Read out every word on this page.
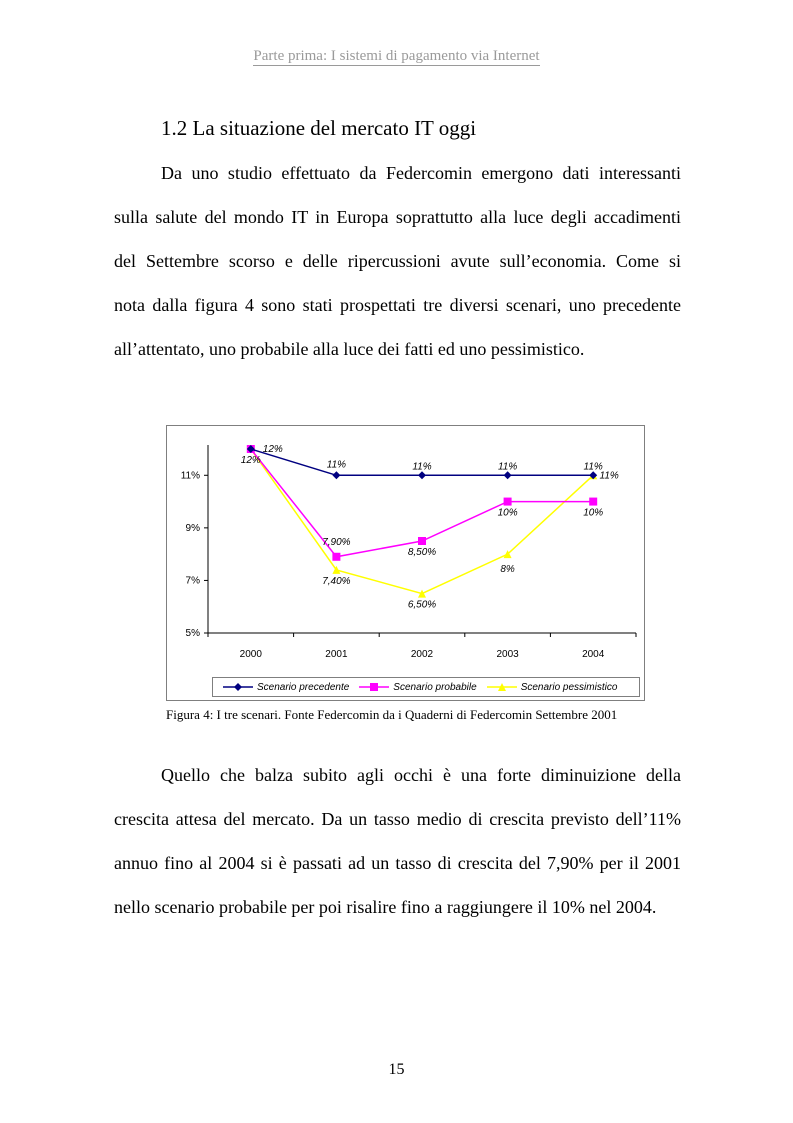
Parte prima: I sistemi di pagamento via Internet
1.2 La situazione del mercato IT oggi
Da uno studio effettuato da Federcomin emergono dati interessanti
sulla salute del mondo IT in Europa soprattutto alla luce degli accadimenti
del Settembre scorso e delle ripercussioni avute sull’economia. Come si
nota dalla figura 4 sono stati prospettati tre diversi scenari, uno precedente
all’attentato, uno probabile alla luce dei fatti ed uno pessimistico.
5%
7%
9%
11%
2000	2001	2002	2003	2004
12%
11%	11%	11%	11%
7,90%
8,50%
10%	10%
12%
7,40%
6,50%
8%
11%
Scenario precedente	Scenario probabile	Scenario pessimistico
Figura 4: I tre scenari. Fonte Federcomin da i Quaderni di Federcomin Settembre 2001
Quello che balza subito agli occhi è una forte diminuizione della
crescita attesa del mercato. Da un tasso medio di crescita previsto dell’11%
annuo fino al 2004 si è passati ad un tasso di crescita del 7,90% per il 2001
nello scenario probabile per poi risalire fino a raggiungere il 10% nel 2004.
15
